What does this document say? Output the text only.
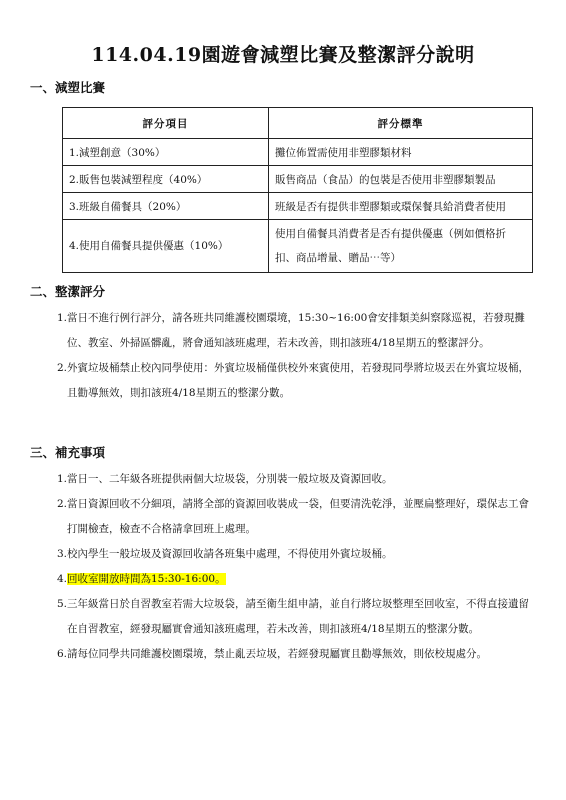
114.04.19園遊會減塑比賽及整潔評分說明
一、減塑比賽
評分項目	評分標準
1.減塑創意（30%）	攤位佈置需使用非塑膠類材料
2.販售包裝減塑程度（40%）	販售商品（食品）的包裝是否使用非塑膠類製品
3.班級自備餐具（20%）	班級是否有提供非塑膠類或環保餐具給消費者使用
4.使用自備餐具提供優惠（10%）	使用自備餐具消費者是否有提供優惠（例如價格折扣、商品增量、贈品⋯等）
二、整潔評分
1. 當日不進行例行評分，請各班共同維護校園環境，15:30~16:00會安排類美糾察隊巡視，若發現攤位、教室、外掃區髒亂，將會通知該班處理，若未改善，則扣該班4/18星期五的整潔評分。
2. 外賓垃圾桶禁止校內同學使用：外賓垃圾桶僅供校外來賓使用，若發現同學將垃圾丟在外賓垃圾桶，且勸導無效，則扣該班4/18星期五的整潔分數。
三、補充事項
1. 當日一、二年級各班提供兩個大垃圾袋，分別裝一般垃圾及資源回收。
2. 當日資源回收不分細項，請將全部的資源回收裝成一袋，但要清洗乾淨，並壓扁整理好，環保志工會打開檢查，檢查不合格請拿回班上處理。
3. 校內學生一般垃圾及資源回收請各班集中處理，不得使用外賓垃圾桶。
4. 回收室開放時間為15:30-16:00。
5. 三年級當日於自習教室若需大垃圾袋，請至衛生組申請，並自行將垃圾整理至回收室，不得直接遺留在自習教室，經發現屬實會通知該班處理，若未改善，則扣該班4/18星期五的整潔分數。
6. 請每位同學共同維護校園環境，禁止亂丟垃圾，若經發現屬實且勸導無效，則依校規處分。
